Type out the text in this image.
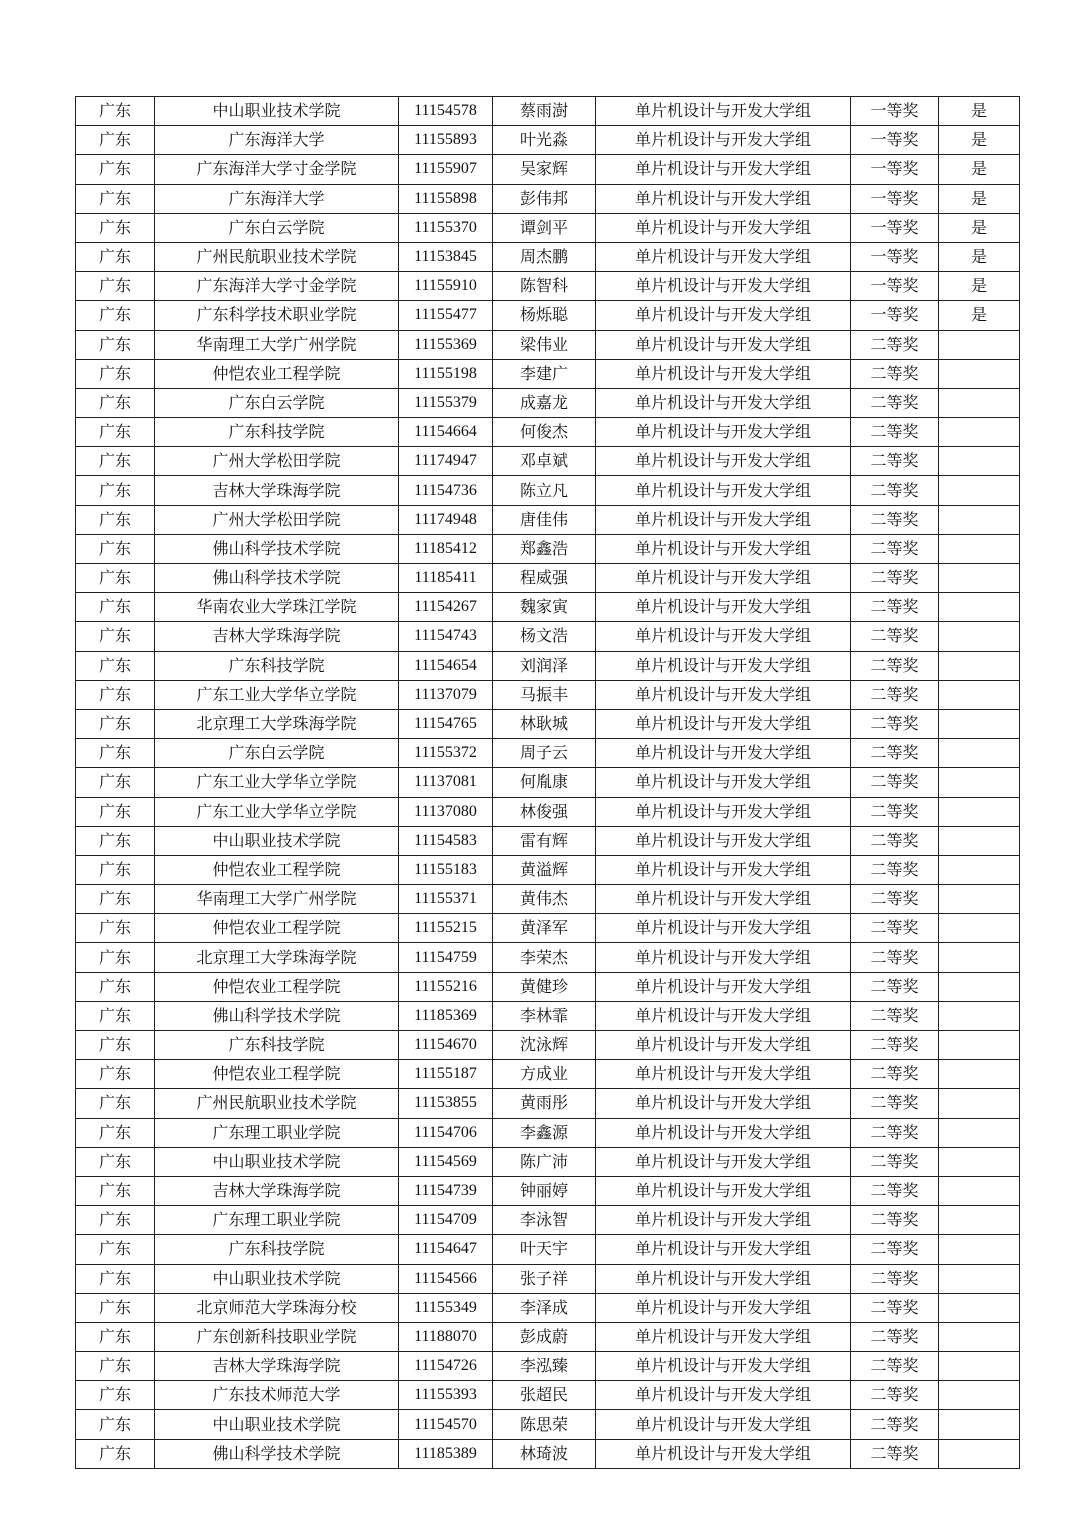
广东	中山职业技术学院	11154578	蔡雨澍	单片机设计与开发大学组	一等奖	是
广东	广东海洋大学	11155893	叶光淼	单片机设计与开发大学组	一等奖	是
广东	广东海洋大学寸金学院	11155907	吴家辉	单片机设计与开发大学组	一等奖	是
广东	广东海洋大学	11155898	彭伟邦	单片机设计与开发大学组	一等奖	是
广东	广东白云学院	11155370	谭剑平	单片机设计与开发大学组	一等奖	是
广东	广州民航职业技术学院	11153845	周杰鹏	单片机设计与开发大学组	一等奖	是
广东	广东海洋大学寸金学院	11155910	陈智科	单片机设计与开发大学组	一等奖	是
广东	广东科学技术职业学院	11155477	杨烁聪	单片机设计与开发大学组	一等奖	是
广东	华南理工大学广州学院	11155369	梁伟业	单片机设计与开发大学组	二等奖	
广东	仲恺农业工程学院	11155198	李建广	单片机设计与开发大学组	二等奖	
广东	广东白云学院	11155379	成嘉龙	单片机设计与开发大学组	二等奖	
广东	广东科技学院	11154664	何俊杰	单片机设计与开发大学组	二等奖	
广东	广州大学松田学院	11174947	邓卓斌	单片机设计与开发大学组	二等奖	
广东	吉林大学珠海学院	11154736	陈立凡	单片机设计与开发大学组	二等奖	
广东	广州大学松田学院	11174948	唐佳伟	单片机设计与开发大学组	二等奖	
广东	佛山科学技术学院	11185412	郑鑫浩	单片机设计与开发大学组	二等奖	
广东	佛山科学技术学院	11185411	程威强	单片机设计与开发大学组	二等奖	
广东	华南农业大学珠江学院	11154267	魏家寅	单片机设计与开发大学组	二等奖	
广东	吉林大学珠海学院	11154743	杨文浩	单片机设计与开发大学组	二等奖	
广东	广东科技学院	11154654	刘润泽	单片机设计与开发大学组	二等奖	
广东	广东工业大学华立学院	11137079	马振丰	单片机设计与开发大学组	二等奖	
广东	北京理工大学珠海学院	11154765	林耿城	单片机设计与开发大学组	二等奖	
广东	广东白云学院	11155372	周子云	单片机设计与开发大学组	二等奖	
广东	广东工业大学华立学院	11137081	何胤康	单片机设计与开发大学组	二等奖	
广东	广东工业大学华立学院	11137080	林俊强	单片机设计与开发大学组	二等奖	
广东	中山职业技术学院	11154583	雷有辉	单片机设计与开发大学组	二等奖	
广东	仲恺农业工程学院	11155183	黄溢辉	单片机设计与开发大学组	二等奖	
广东	华南理工大学广州学院	11155371	黄伟杰	单片机设计与开发大学组	二等奖	
广东	仲恺农业工程学院	11155215	黄泽军	单片机设计与开发大学组	二等奖	
广东	北京理工大学珠海学院	11154759	李荣杰	单片机设计与开发大学组	二等奖	
广东	仲恺农业工程学院	11155216	黄健珍	单片机设计与开发大学组	二等奖	
广东	佛山科学技术学院	11185369	李林霏	单片机设计与开发大学组	二等奖	
广东	广东科技学院	11154670	沈泳辉	单片机设计与开发大学组	二等奖	
广东	仲恺农业工程学院	11155187	方成业	单片机设计与开发大学组	二等奖	
广东	广州民航职业技术学院	11153855	黄雨彤	单片机设计与开发大学组	二等奖	
广东	广东理工职业学院	11154706	李鑫源	单片机设计与开发大学组	二等奖	
广东	中山职业技术学院	11154569	陈广沛	单片机设计与开发大学组	二等奖	
广东	吉林大学珠海学院	11154739	钟丽婷	单片机设计与开发大学组	二等奖	
广东	广东理工职业学院	11154709	李泳智	单片机设计与开发大学组	二等奖	
广东	广东科技学院	11154647	叶天宇	单片机设计与开发大学组	二等奖	
广东	中山职业技术学院	11154566	张子祥	单片机设计与开发大学组	二等奖	
广东	北京师范大学珠海分校	11155349	李泽成	单片机设计与开发大学组	二等奖	
广东	广东创新科技职业学院	11188070	彭成蔚	单片机设计与开发大学组	二等奖	
广东	吉林大学珠海学院	11154726	李泓臻	单片机设计与开发大学组	二等奖	
广东	广东技术师范大学	11155393	张超民	单片机设计与开发大学组	二等奖	
广东	中山职业技术学院	11154570	陈思荣	单片机设计与开发大学组	二等奖	
广东	佛山科学技术学院	11185389	林琦波	单片机设计与开发大学组	二等奖	
